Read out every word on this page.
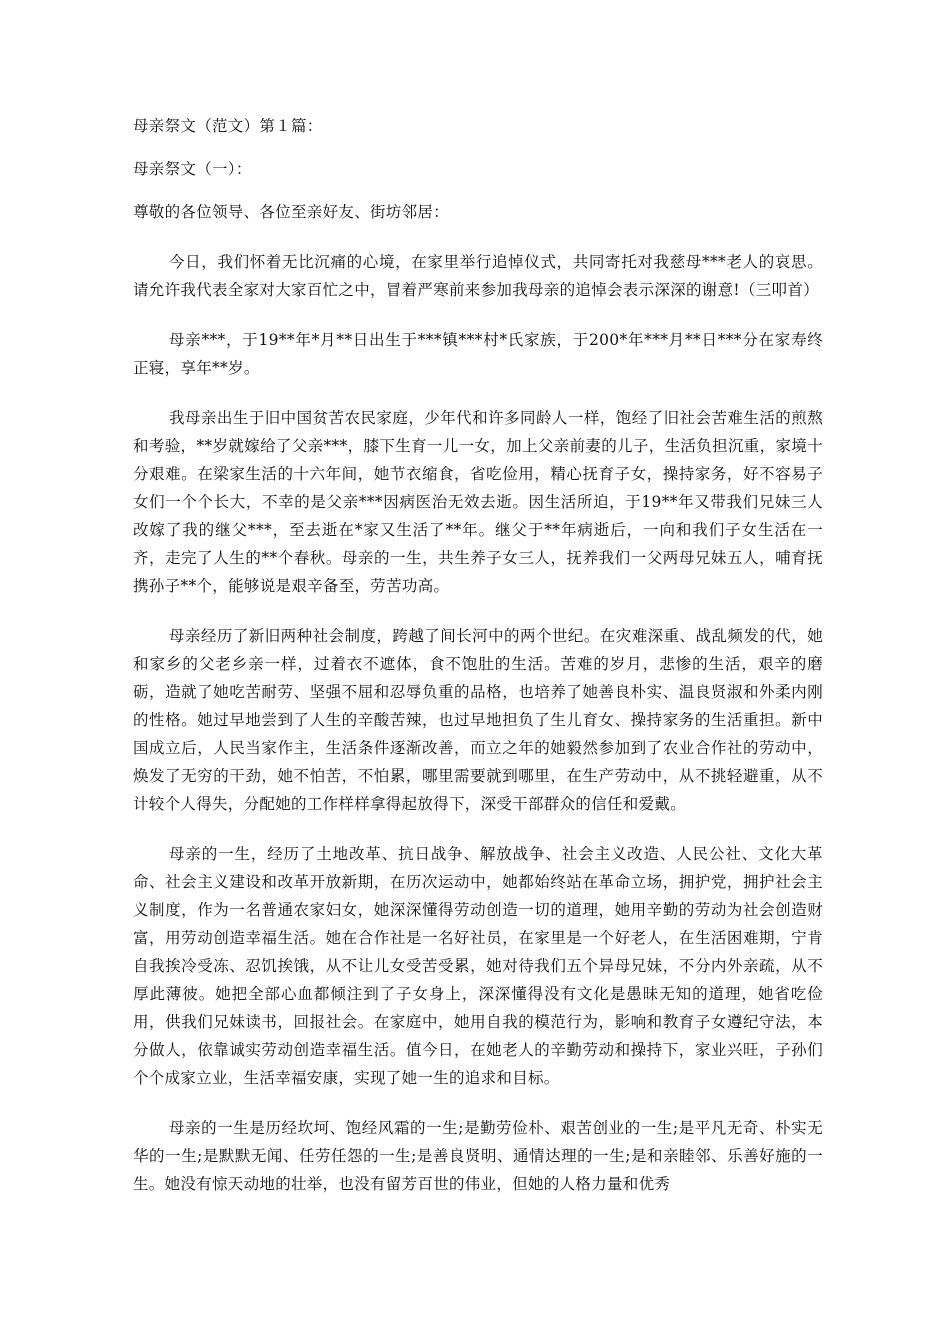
母亲祭文（范文）第１篇：

母亲祭文（一）：

尊敬的各位领导、各位至亲好友、街坊邻居：

今日，我们怀着无比沉痛的心境，在家里举行追悼仪式，共同寄托对我慈母***老人的哀思。请允许我代表全家对大家百忙之中，冒着严寒前来参加我母亲的追悼会表示深深的谢意!（三叩首）

母亲***，于19**年*月**日出生于***镇***村*氏家族，于200*年***月**日***分在家寿终正寝，享年**岁。

我母亲出生于旧中国贫苦农民家庭，少年代和许多同龄人一样，饱经了旧社会苦难生活的煎熬和考验，**岁就嫁给了父亲***，膝下生育一儿一女，加上父亲前妻的儿子，生活负担沉重，家境十分艰难。在梁家生活的十六年间，她节衣缩食，省吃俭用，精心抚育子女，操持家务，好不容易子女们一个个长大，不幸的是父亲***因病医治无效去逝。因生活所迫，于19**年又带我们兄妹三人改嫁了我的继父***，至去逝在*家又生活了**年。继父于**年病逝后，一向和我们子女生活在一齐，走完了人生的**个春秋。母亲的一生，共生养子女三人，抚养我们一父两母兄妹五人，哺育抚携孙子**个，能够说是艰辛备至，劳苦功高。

母亲经历了新旧两种社会制度，跨越了间长河中的两个世纪。在灾难深重、战乱频发的代，她和家乡的父老乡亲一样，过着衣不遮体，食不饱肚的生活。苦难的岁月，悲惨的生活，艰辛的磨砺，造就了她吃苦耐劳、坚强不屈和忍辱负重的品格，也培养了她善良朴实、温良贤淑和外柔内刚的性格。她过早地尝到了人生的辛酸苦辣，也过早地担负了生儿育女、操持家务的生活重担。新中国成立后，人民当家作主，生活条件逐渐改善，而立之年的她毅然参加到了农业合作社的劳动中，焕发了无穷的干劲，她不怕苦，不怕累，哪里需要就到哪里，在生产劳动中，从不挑轻避重，从不计较个人得失，分配她的工作样样拿得起放得下，深受干部群众的信任和爱戴。

母亲的一生，经历了土地改革、抗日战争、解放战争、社会主义改造、人民公社、文化大革命、社会主义建设和改革开放新期，在历次运动中，她都始终站在革命立场，拥护党，拥护社会主义制度，作为一名普通农家妇女，她深深懂得劳动创造一切的道理，她用辛勤的劳动为社会创造财富，用劳动创造幸福生活。她在合作社是一名好社员，在家里是一个好老人，在生活困难期，宁肯自我挨冷受冻、忍饥挨饿，从不让儿女受苦受累，她对待我们五个异母兄妹，不分内外亲疏，从不厚此薄彼。她把全部心血都倾注到了子女身上，深深懂得没有文化是愚昧无知的道理，她省吃俭用，供我们兄妹读书，回报社会。在家庭中，她用自我的模范行为，影响和教育子女遵纪守法，本分做人，依靠诚实劳动创造幸福生活。值今日，在她老人的辛勤劳动和操持下，家业兴旺，子孙们个个成家立业，生活幸福安康，实现了她一生的追求和目标。

母亲的一生是历经坎坷、饱经风霜的一生;是勤劳俭朴、艰苦创业的一生;是平凡无奇、朴实无华的一生;是默默无闻、任劳任怨的一生;是善良贤明、通情达理的一生;是和亲睦邻、乐善好施的一生。她没有惊天动地的壮举，也没有留芳百世的伟业，但她的人格力量和优秀
